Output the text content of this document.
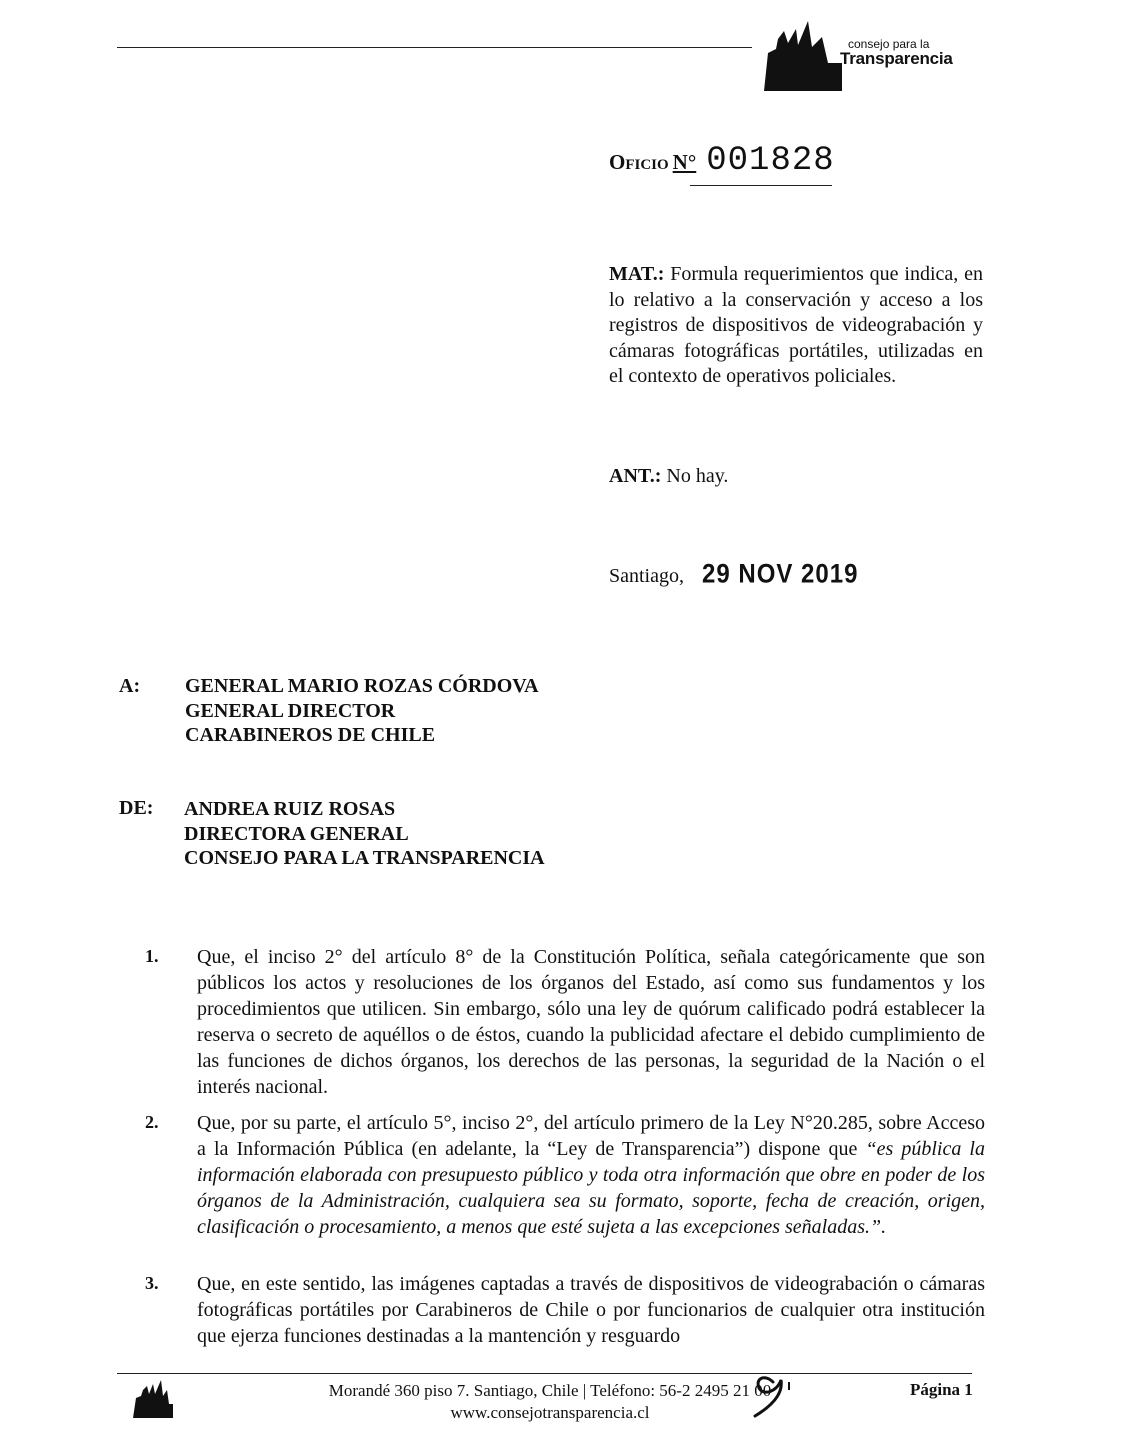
consejo para la
Transparencia
Oficio N° 001828
MAT.: Formula requerimientos que indica, en lo relativo a la conservación y acceso a los registros de dispositivos de videograbación y cámaras fotográficas portátiles, utilizadas en el contexto de operativos policiales.
ANT.: No hay.
Santiago, 29 NOV 2019
A: GENERAL MARIO ROZAS CÓRDOVA
GENERAL DIRECTOR
CARABINEROS DE CHILE
DE: ANDREA RUIZ ROSAS
DIRECTORA GENERAL
CONSEJO PARA LA TRANSPARENCIA
1. Que, el inciso 2° del artículo 8° de la Constitución Política, señala categóricamente que son públicos los actos y resoluciones de los órganos del Estado, así como sus fundamentos y los procedimientos que utilicen. Sin embargo, sólo una ley de quórum calificado podrá establecer la reserva o secreto de aquéllos o de éstos, cuando la publicidad afectare el debido cumplimiento de las funciones de dichos órganos, los derechos de las personas, la seguridad de la Nación o el interés nacional.
2. Que, por su parte, el artículo 5°, inciso 2°, del artículo primero de la Ley N°20.285, sobre Acceso a la Información Pública (en adelante, la “Ley de Transparencia”) dispone que “es pública la información elaborada con presupuesto público y toda otra información que obre en poder de los órganos de la Administración, cualquiera sea su formato, soporte, fecha de creación, origen, clasificación o procesamiento, a menos que esté sujeta a las excepciones señaladas.”.
3. Que, en este sentido, las imágenes captadas a través de dispositivos de videograbación o cámaras fotográficas portátiles por Carabineros de Chile o por funcionarios de cualquier otra institución que ejerza funciones destinadas a la mantención y resguardo
Morandé 360 piso 7. Santiago, Chile | Teléfono: 56-2 2495 21 00
www.consejotransparencia.cl
Página 1
